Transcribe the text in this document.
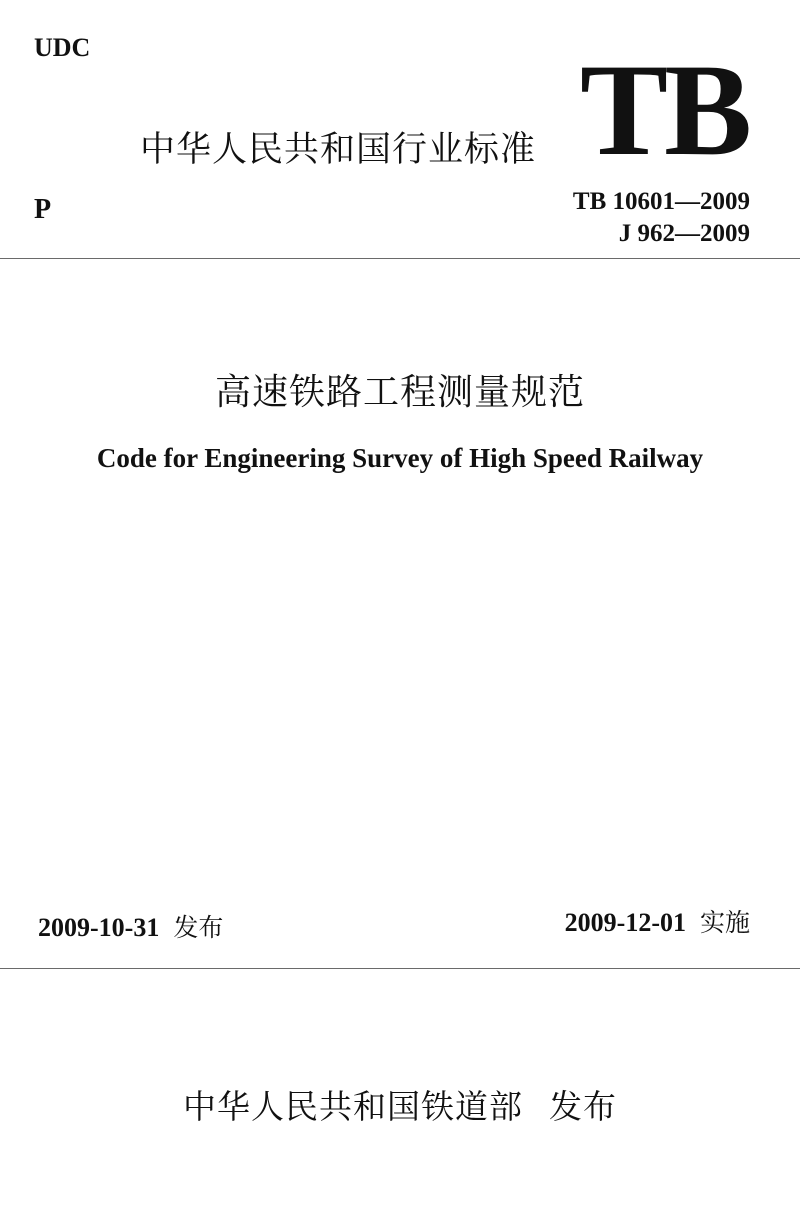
UDC
中华人民共和国行业标准 TB
P	TB 10601—2009
J 962—2009
高速铁路工程测量规范
Code for Engineering Survey of High Speed Railway
2009-10-31 发布	2009-12-01 实施
中华人民共和国铁道部 发布
